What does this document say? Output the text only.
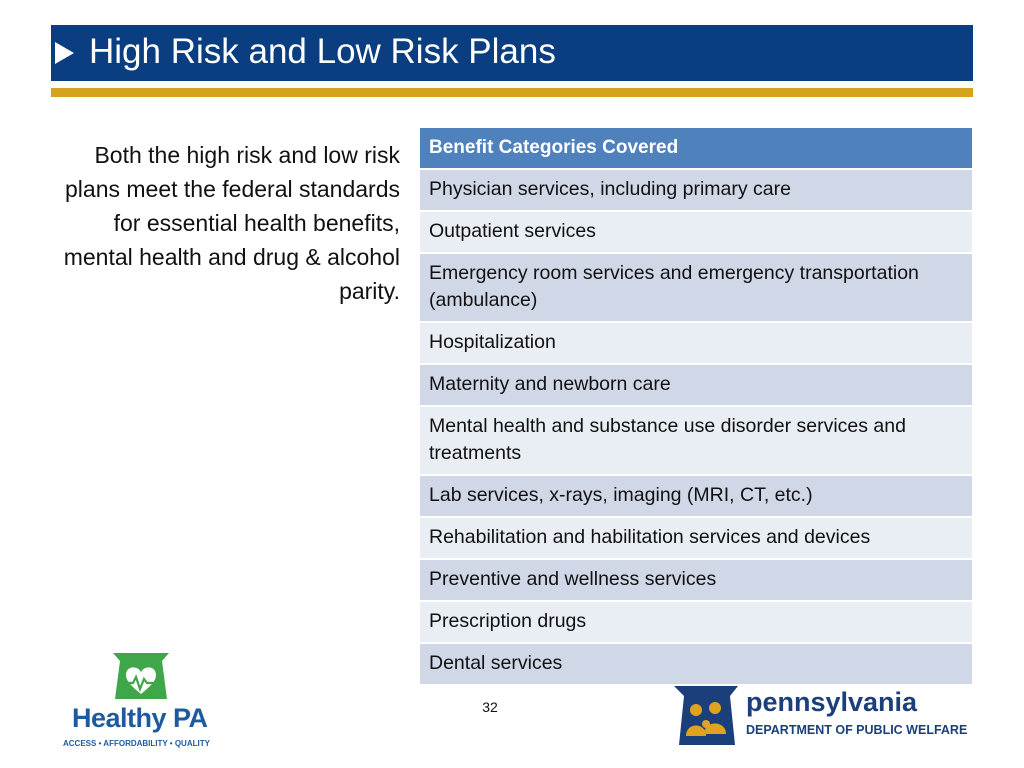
High Risk and Low Risk Plans
Both the high risk and low risk plans meet the federal standards for essential health benefits, mental health and drug & alcohol parity.
Benefit Categories Covered
Physician services, including primary care
Outpatient services
Emergency room services and emergency transportation (ambulance)
Hospitalization
Maternity and newborn care
Mental health and substance use disorder services and treatments
Lab services, x-rays, imaging (MRI, CT, etc.)
Rehabilitation and habilitation services and devices
Preventive and wellness services
Prescription drugs
Dental services
32
Healthy PA
ACCESS • AFFORDABILITY • QUALITY
pennsylvania
DEPARTMENT OF PUBLIC WELFARE
